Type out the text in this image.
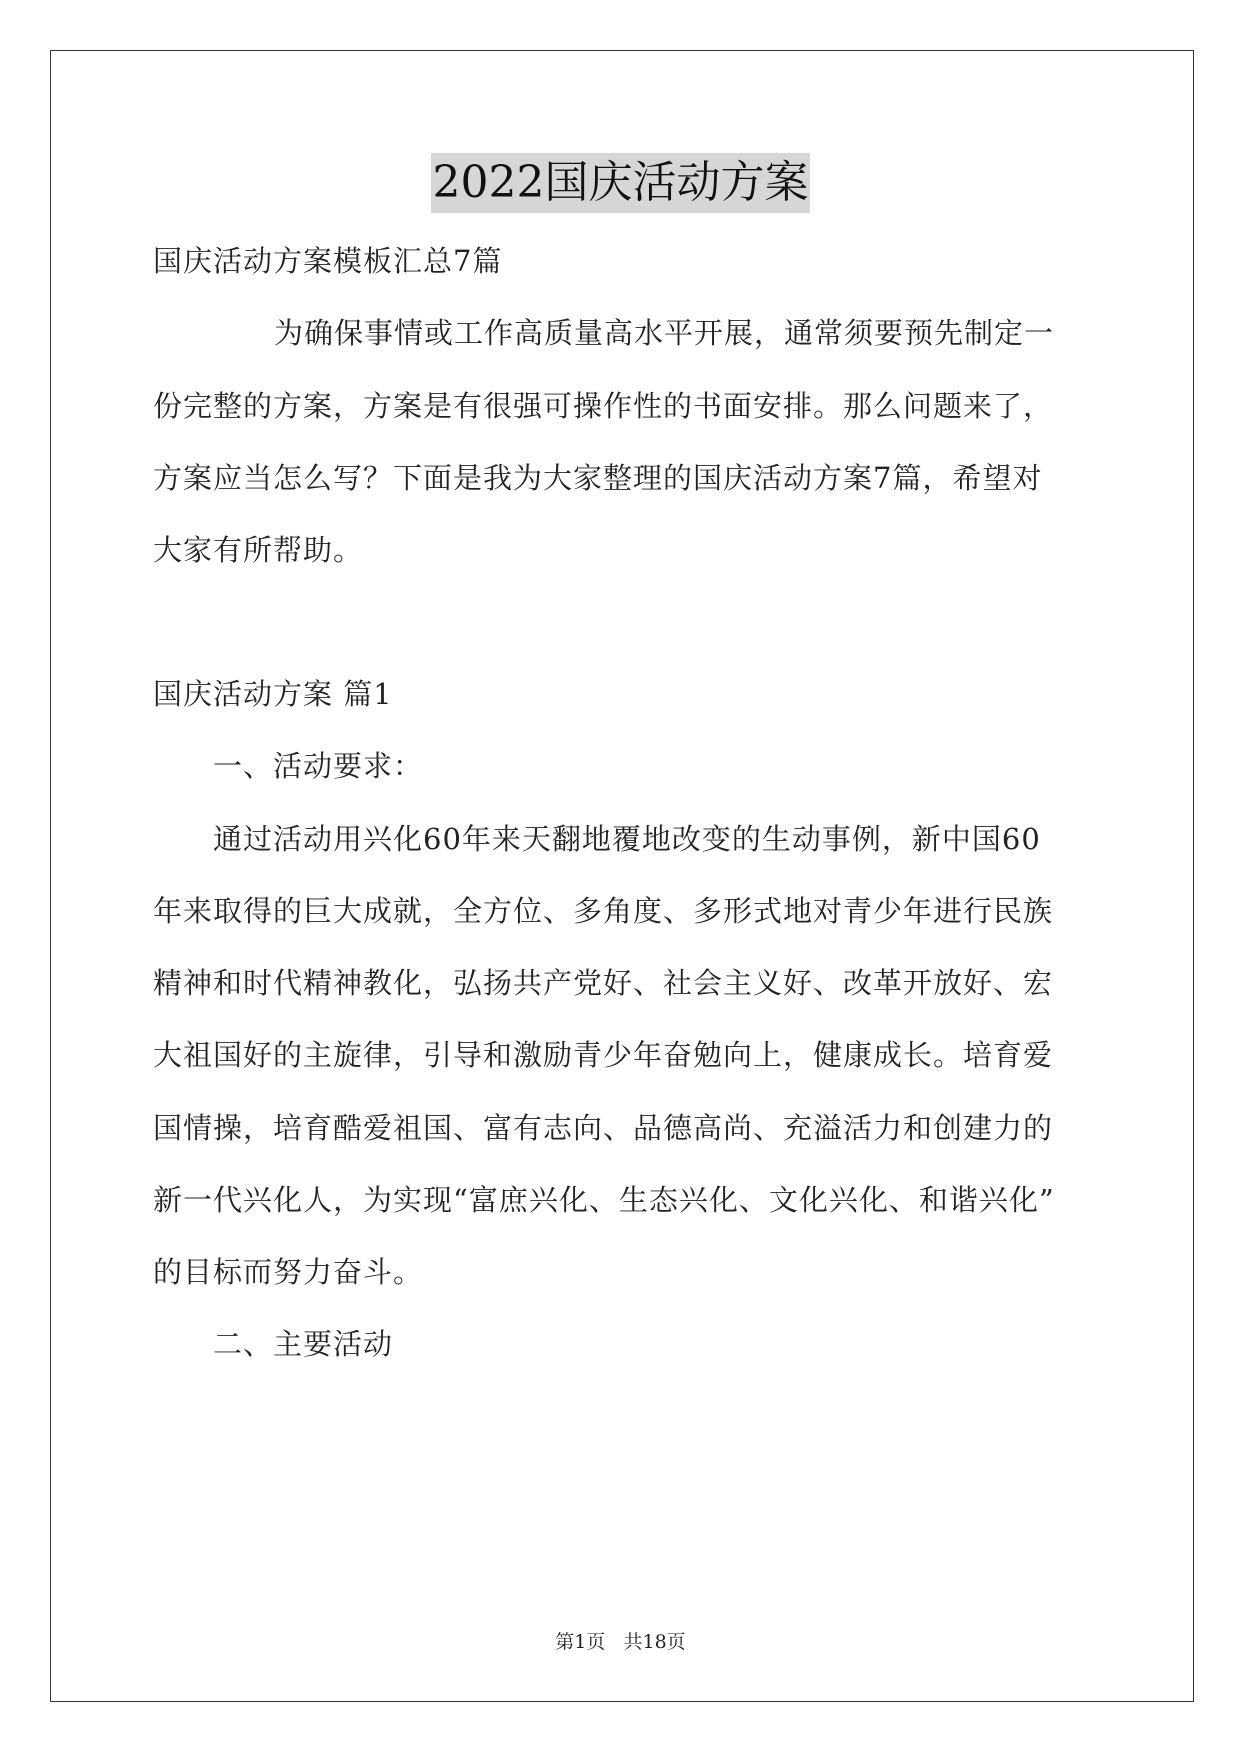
2022国庆活动方案
国庆活动方案模板汇总7篇
为确保事情或工作高质量高水平开展，通常须要预先制定一
份完整的方案，方案是有很强可操作性的书面安排。那么问题来了，
方案应当怎么写？下面是我为大家整理的国庆活动方案7篇，希望对
大家有所帮助。
国庆活动方案 篇1
一、活动要求：
通过活动用兴化60年来天翻地覆地改变的生动事例，新中国60
年来取得的巨大成就，全方位、多角度、多形式地对青少年进行民族
精神和时代精神教化，弘扬共产党好、社会主义好、改革开放好、宏
大祖国好的主旋律，引导和激励青少年奋勉向上，健康成长。培育爱
国情操，培育酷爱祖国、富有志向、品德高尚、充溢活力和创建力的
新一代兴化人，为实现“富庶兴化、生态兴化、文化兴化、和谐兴化”
的目标而努力奋斗。
二、主要活动
第1页   共18页
